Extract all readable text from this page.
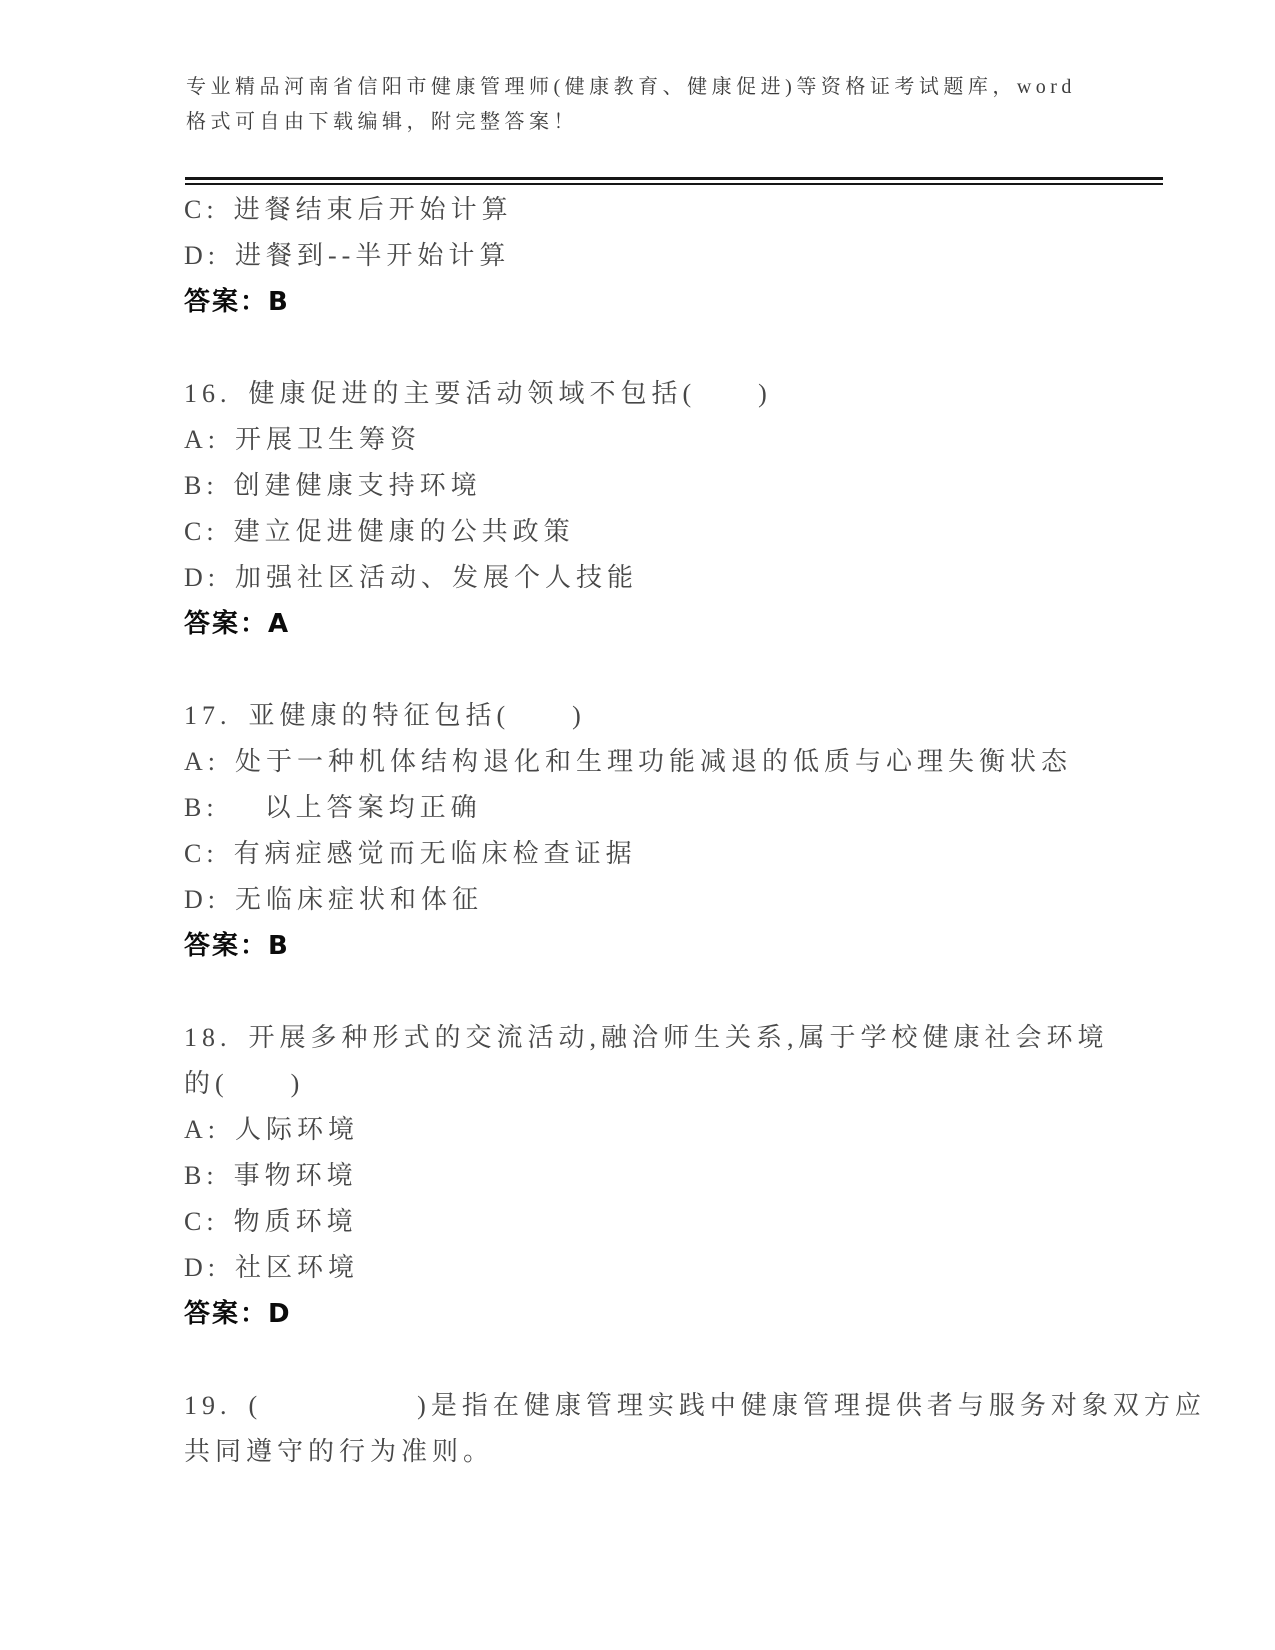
专业精品河南省信阳市健康管理师(健康教育、健康促进)等资格证考试题库，word
格式可自由下载编辑，附完整答案！
C: 进餐结束后开始计算
D: 进餐到--半开始计算
答案：B
16. 健康促进的主要活动领域不包括(　　)
A: 开展卫生筹资
B: 创建健康支持环境
C: 建立促进健康的公共政策
D: 加强社区活动、发展个人技能
答案：A
17. 亚健康的特征包括(　　)
A: 处于一种机体结构退化和生理功能减退的低质与心理失衡状态
B:　以上答案均正确
C: 有病症感觉而无临床检查证据
D: 无临床症状和体征
答案：B
18. 开展多种形式的交流活动,融洽师生关系,属于学校健康社会环境
的(　　)
A: 人际环境
B: 事物环境
C: 物质环境
D: 社区环境
答案：D
19. (　　　　　)是指在健康管理实践中健康管理提供者与服务对象双方应
共同遵守的行为准则。
